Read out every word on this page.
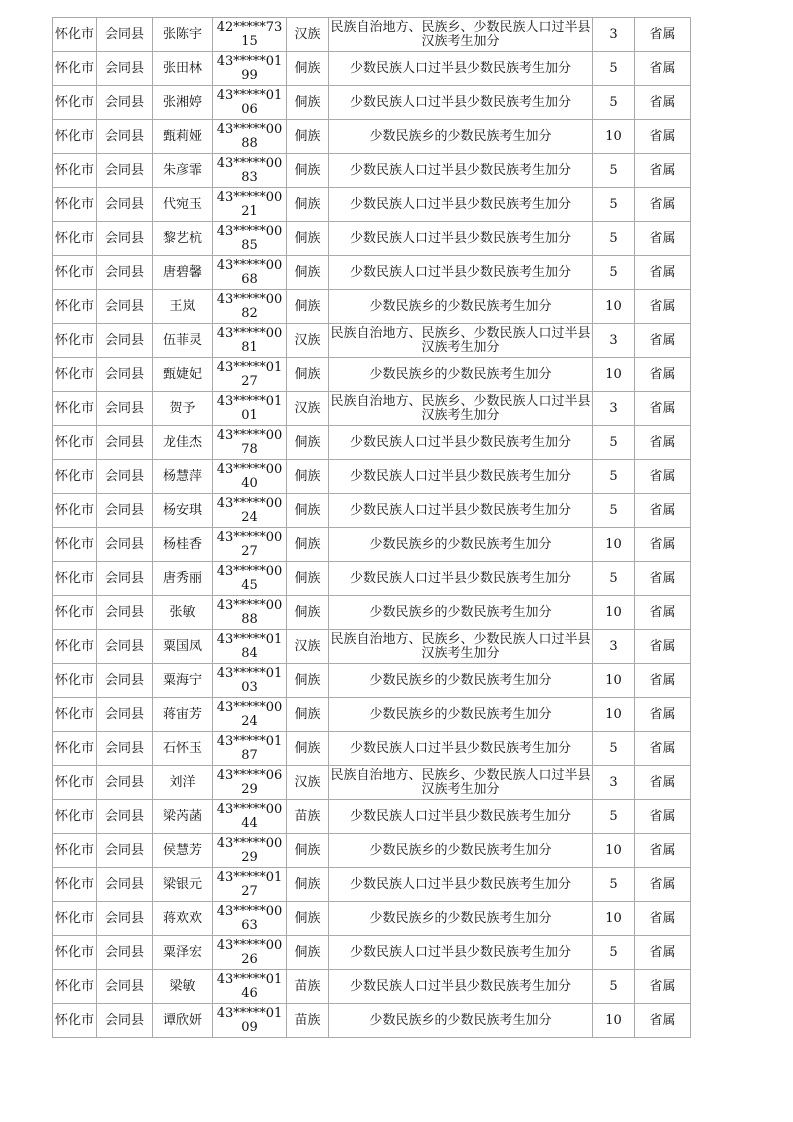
怀化市	会同县	张陈宇	42*****7315	汉族	民族自治地方、民族乡、少数民族人口过半县汉族考生加分	3	省属
怀化市	会同县	张田林	43*****0199	侗族	少数民族人口过半县少数民族考生加分	5	省属
怀化市	会同县	张湘婷	43*****0106	侗族	少数民族人口过半县少数民族考生加分	5	省属
怀化市	会同县	甄莉娅	43*****0088	侗族	少数民族乡的少数民族考生加分	10	省属
怀化市	会同县	朱彦霏	43*****0083	侗族	少数民族人口过半县少数民族考生加分	5	省属
怀化市	会同县	代宛玉	43*****0021	侗族	少数民族人口过半县少数民族考生加分	5	省属
怀化市	会同县	黎艺杭	43*****0085	侗族	少数民族人口过半县少数民族考生加分	5	省属
怀化市	会同县	唐碧馨	43*****0068	侗族	少数民族人口过半县少数民族考生加分	5	省属
怀化市	会同县	王岚	43*****0082	侗族	少数民族乡的少数民族考生加分	10	省属
怀化市	会同县	伍菲灵	43*****0081	汉族	民族自治地方、民族乡、少数民族人口过半县汉族考生加分	3	省属
怀化市	会同县	甄婕妃	43*****0127	侗族	少数民族乡的少数民族考生加分	10	省属
怀化市	会同县	贺予	43*****0101	汉族	民族自治地方、民族乡、少数民族人口过半县汉族考生加分	3	省属
怀化市	会同县	龙佳杰	43*****0078	侗族	少数民族人口过半县少数民族考生加分	5	省属
怀化市	会同县	杨慧萍	43*****0040	侗族	少数民族人口过半县少数民族考生加分	5	省属
怀化市	会同县	杨安琪	43*****0024	侗族	少数民族人口过半县少数民族考生加分	5	省属
怀化市	会同县	杨桂香	43*****0027	侗族	少数民族乡的少数民族考生加分	10	省属
怀化市	会同县	唐秀丽	43*****0045	侗族	少数民族人口过半县少数民族考生加分	5	省属
怀化市	会同县	张敏	43*****0088	侗族	少数民族乡的少数民族考生加分	10	省属
怀化市	会同县	粟国凤	43*****0184	汉族	民族自治地方、民族乡、少数民族人口过半县汉族考生加分	3	省属
怀化市	会同县	粟海宁	43*****0103	侗族	少数民族乡的少数民族考生加分	10	省属
怀化市	会同县	蒋宙芳	43*****0024	侗族	少数民族乡的少数民族考生加分	10	省属
怀化市	会同县	石怀玉	43*****0187	侗族	少数民族人口过半县少数民族考生加分	5	省属
怀化市	会同县	刘洋	43*****0629	汉族	民族自治地方、民族乡、少数民族人口过半县汉族考生加分	3	省属
怀化市	会同县	梁芮菡	43*****0044	苗族	少数民族人口过半县少数民族考生加分	5	省属
怀化市	会同县	侯慧芳	43*****0029	侗族	少数民族乡的少数民族考生加分	10	省属
怀化市	会同县	梁银元	43*****0127	侗族	少数民族人口过半县少数民族考生加分	5	省属
怀化市	会同县	蒋欢欢	43*****0063	侗族	少数民族乡的少数民族考生加分	10	省属
怀化市	会同县	粟泽宏	43*****0026	侗族	少数民族人口过半县少数民族考生加分	5	省属
怀化市	会同县	梁敏	43*****0146	苗族	少数民族人口过半县少数民族考生加分	5	省属
怀化市	会同县	谭欣妍	43*****0109	苗族	少数民族乡的少数民族考生加分	10	省属
